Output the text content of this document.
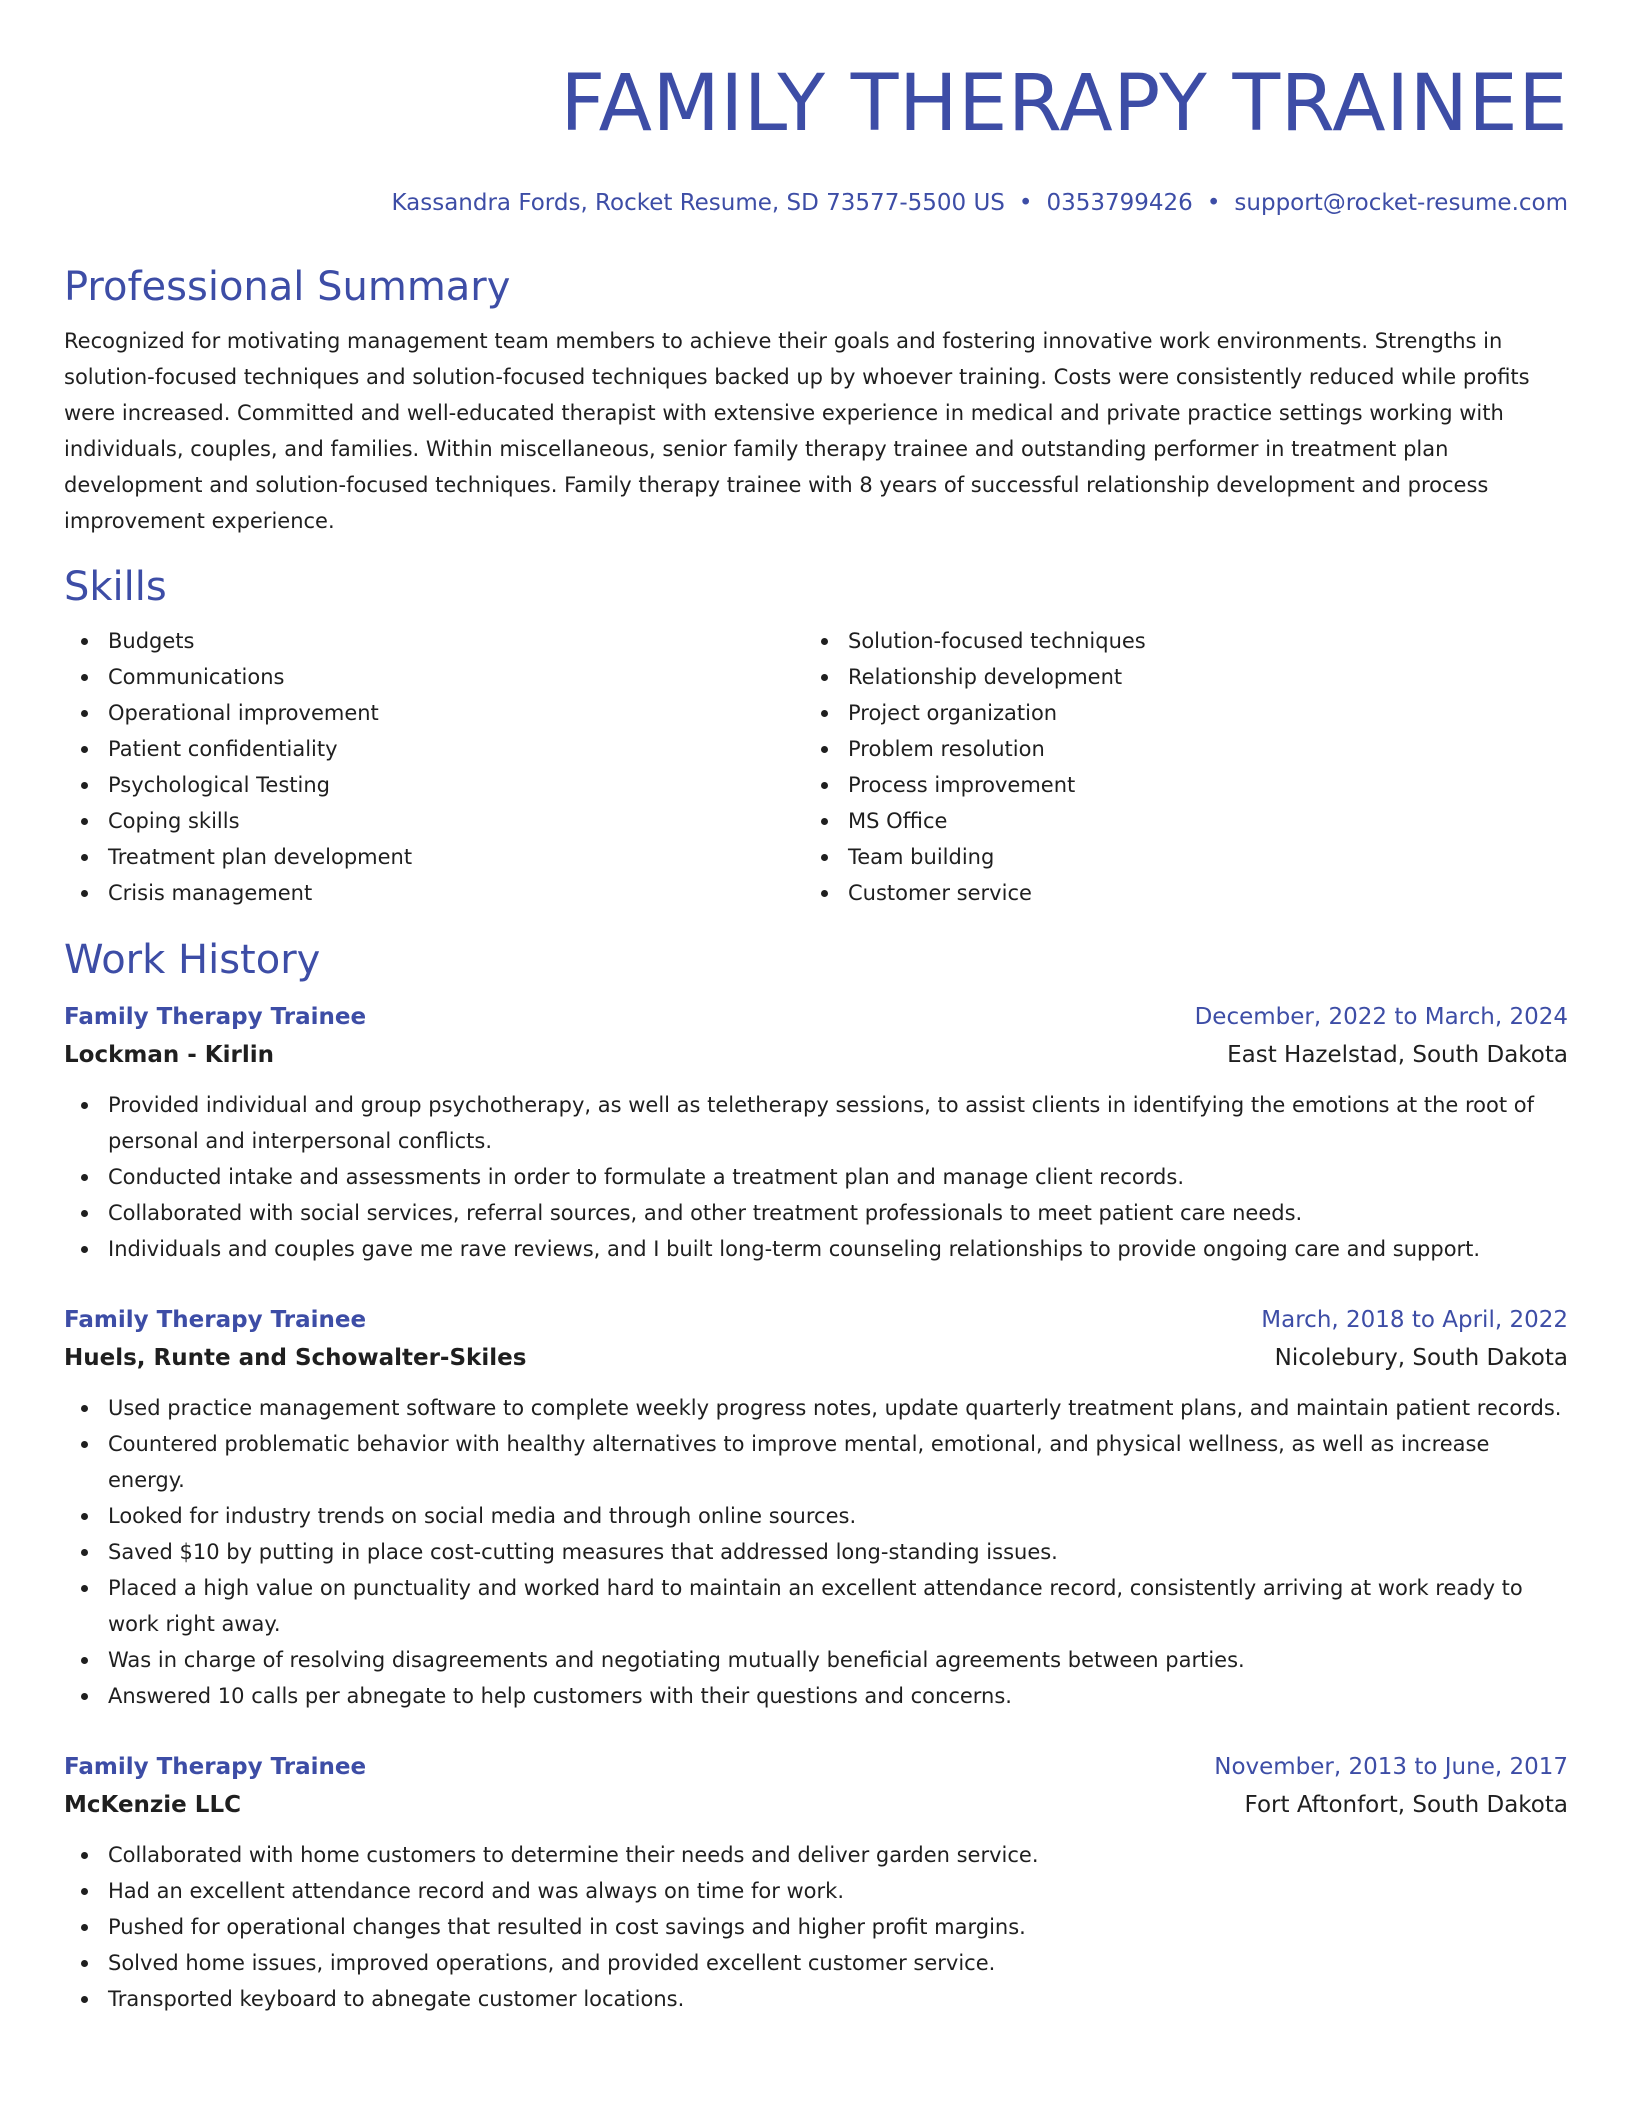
FAMILY THERAPY TRAINEE
Kassandra Fords, Rocket Resume, SD 73577-5500 US • 0353799426 • support@rocket-resume.com
Professional Summary
Recognized for motivating management team members to achieve their goals and fostering innovative work environments. Strengths in solution-focused techniques and solution-focused techniques backed up by whoever training. Costs were consistently reduced while profits were increased. Committed and well-educated therapist with extensive experience in medical and private practice settings working with individuals, couples, and families. Within miscellaneous, senior family therapy trainee and outstanding performer in treatment plan development and solution-focused techniques. Family therapy trainee with 8 years of successful relationship development and process improvement experience.
Skills
Budgets
Communications
Operational improvement
Patient confidentiality
Psychological Testing
Coping skills
Treatment plan development
Crisis management
Solution-focused techniques
Relationship development
Project organization
Problem resolution
Process improvement
MS Office
Team building
Customer service
Work History
Family Therapy Trainee	December, 2022 to March, 2024
Lockman - Kirlin	East Hazelstad, South Dakota
Provided individual and group psychotherapy, as well as teletherapy sessions, to assist clients in identifying the emotions at the root of personal and interpersonal conflicts.
Conducted intake and assessments in order to formulate a treatment plan and manage client records.
Collaborated with social services, referral sources, and other treatment professionals to meet patient care needs.
Individuals and couples gave me rave reviews, and I built long-term counseling relationships to provide ongoing care and support.
Family Therapy Trainee	March, 2018 to April, 2022
Huels, Runte and Schowalter-Skiles	Nicolebury, South Dakota
Used practice management software to complete weekly progress notes, update quarterly treatment plans, and maintain patient records.
Countered problematic behavior with healthy alternatives to improve mental, emotional, and physical wellness, as well as increase energy.
Looked for industry trends on social media and through online sources.
Saved $10 by putting in place cost-cutting measures that addressed long-standing issues.
Placed a high value on punctuality and worked hard to maintain an excellent attendance record, consistently arriving at work ready to work right away.
Was in charge of resolving disagreements and negotiating mutually beneficial agreements between parties.
Answered 10 calls per abnegate to help customers with their questions and concerns.
Family Therapy Trainee	November, 2013 to June, 2017
McKenzie LLC	Fort Aftonfort, South Dakota
Collaborated with home customers to determine their needs and deliver garden service.
Had an excellent attendance record and was always on time for work.
Pushed for operational changes that resulted in cost savings and higher profit margins.
Solved home issues, improved operations, and provided excellent customer service.
Transported keyboard to abnegate customer locations.
